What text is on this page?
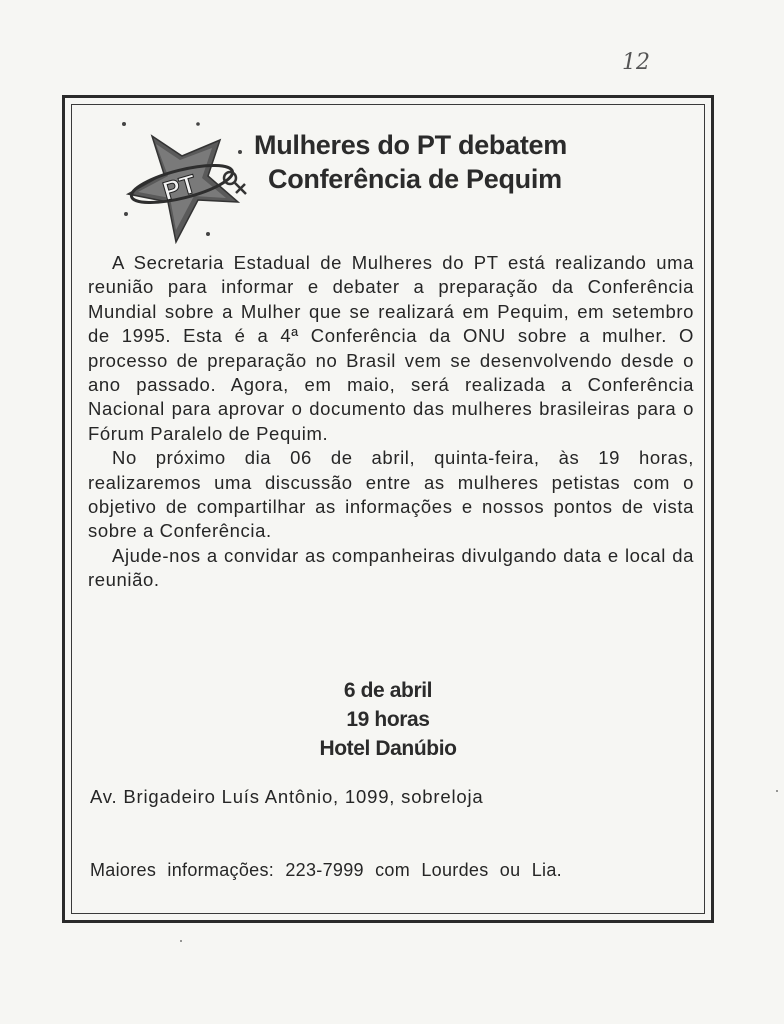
12
PT
Mulheres do PT debatem
Conferência de Pequim

A Secretaria Estadual de Mulheres do PT está realizando uma reunião para informar e debater a preparação da Conferência Mundial sobre a Mulher que se realizará em Pequim, em setembro de 1995. Esta é a 4ª Conferência da ONU sobre a mulher. O processo de preparação no Brasil vem se desenvolvendo desde o ano passado. Agora, em maio, será realizada a Conferência Nacional para aprovar o documento das mulheres brasileiras para o Fórum Paralelo de Pequim.

No próximo dia 06 de abril, quinta-feira, às 19 horas, realizaremos uma discussão entre as mulheres petistas com o objetivo de compartilhar as informações e nossos pontos de vista sobre a Conferência.

Ajude-nos a convidar as companheiras divulgando data e local da reunião.

6 de abril
19 horas
Hotel Danúbio
Av. Brigadeiro Luís Antônio, 1099, sobreloja
Maiores informações: 223-7999 com Lourdes ou Lia.
